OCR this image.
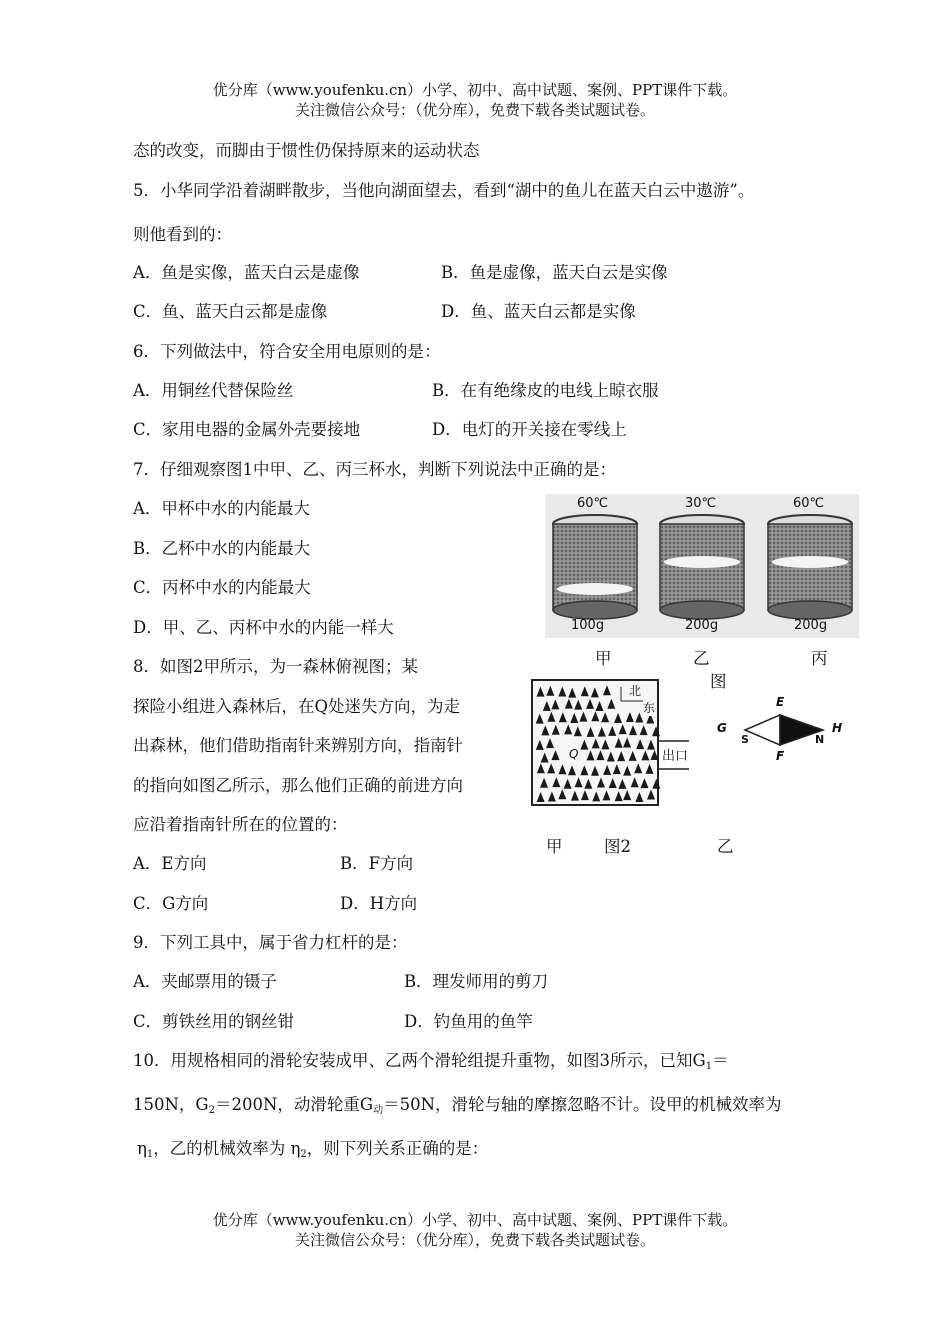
优分库（www.youfenku.cn）小学、初中、高中试题、案例、PPT课件下载。
关注微信公众号：（优分库），免费下载各类试题试卷。
态的改变，而脚由于惯性仍保持原来的运动状态
5．小华同学沿着湖畔散步，当他向湖面望去，看到“湖中的鱼儿在蓝天白云中遨游”。
则他看到的：
A．鱼是实像，蓝天白云是虚像	B．鱼是虚像，蓝天白云是实像
C．鱼、蓝天白云都是虚像	D．鱼、蓝天白云都是实像
6．下列做法中，符合安全用电原则的是：
A．用铜丝代替保险丝	B．在有绝缘皮的电线上晾衣服
C．家用电器的金属外壳要接地	D．电灯的开关接在零线上
7．仔细观察图1中甲、乙、丙三杯水，判断下列说法中正确的是：
A．甲杯中水的内能最大
B．乙杯中水的内能最大
C．丙杯中水的内能最大
D．甲、乙、丙杯中水的内能一样大
60℃	30℃	60℃
100g	200g	200g
甲	乙	丙
图
8．如图2甲所示，为一森林俯视图；某
探险小组进入森林后，在Q处迷失方向，为走
出森林，他们借助指南针来辨别方向，指南针
的指向如图乙所示，那么他们正确的前进方向
应沿着指南针所在的位置的：
A．E方向	B．F方向
C．G方向	D．H方向
北
东
Q	出口
E
F
G	H
S	N
甲	图2	乙
9．下列工具中，属于省力杠杆的是：
A．夹邮票用的镊子	B．理发师用的剪刀
C．剪铁丝用的钢丝钳	D．钓鱼用的鱼竿
10．用规格相同的滑轮安装成甲、乙两个滑轮组提升重物，如图3所示，已知G1＝
150N，G2＝200N，动滑轮重G动＝50N，滑轮与轴的摩擦忽略不计。设甲的机械效率为
η1，乙的机械效率为 η2，则下列关系正确的是：
优分库（www.youfenku.cn）小学、初中、高中试题、案例、PPT课件下载。
关注微信公众号：（优分库），免费下载各类试题试卷。
